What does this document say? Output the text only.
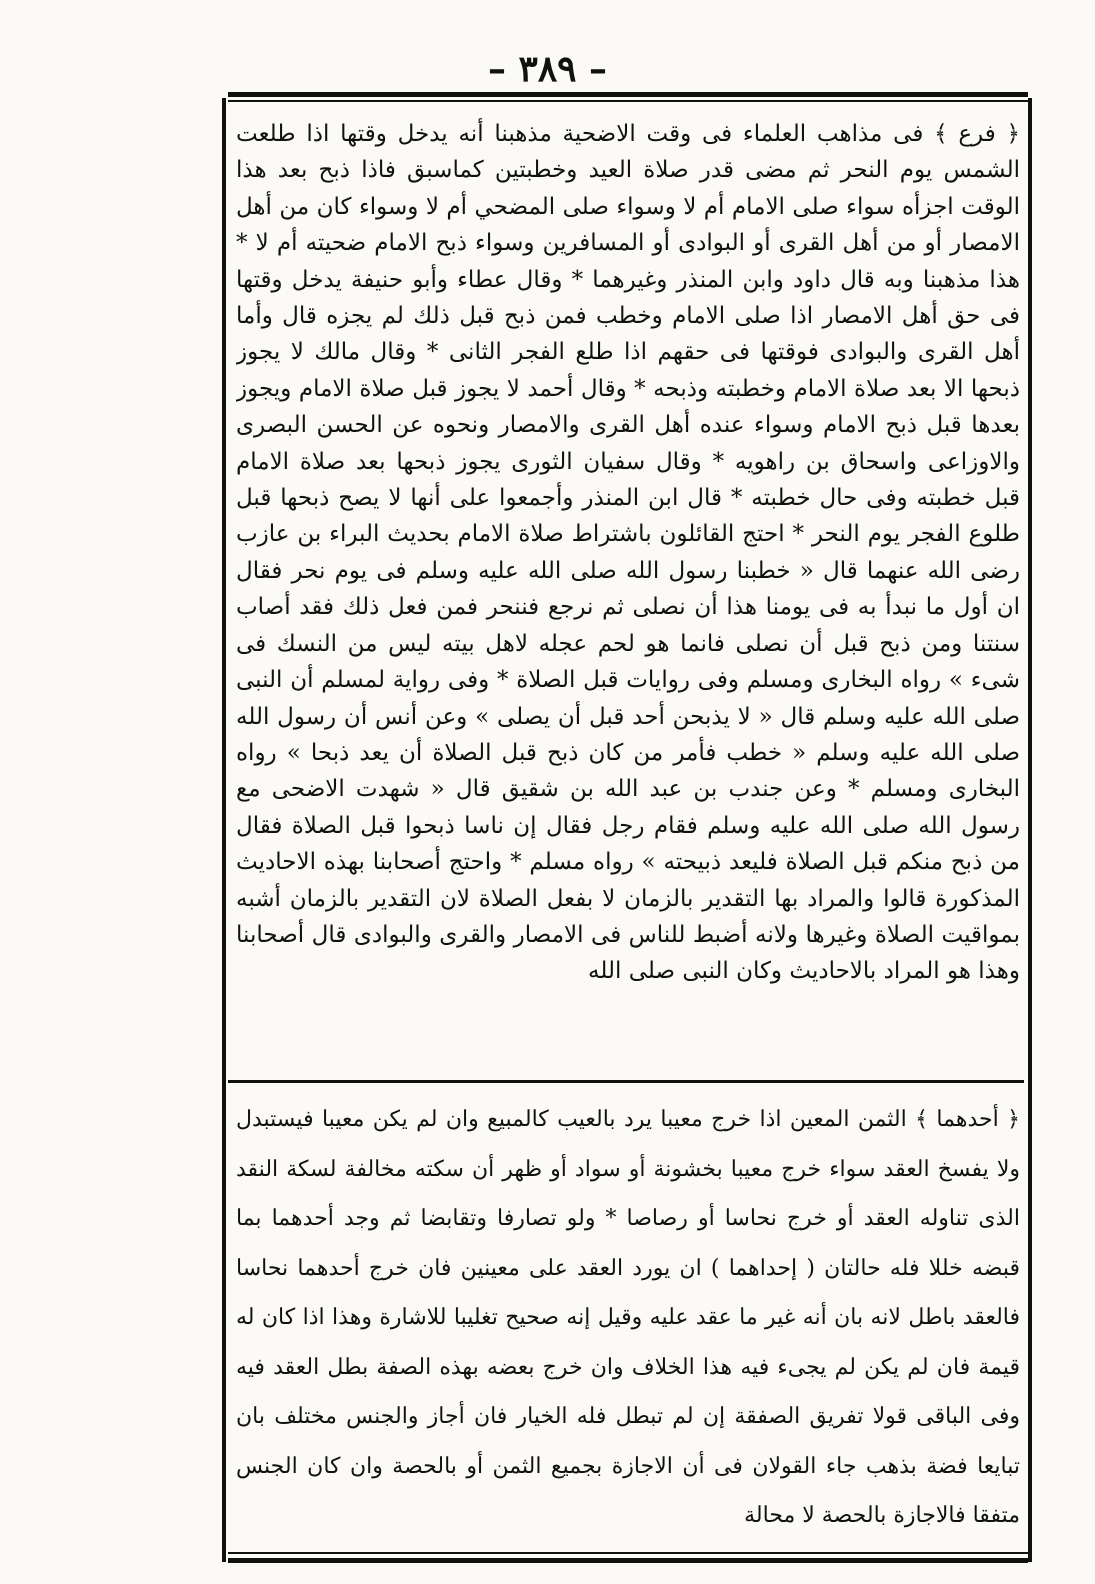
– ٣٨٩ –

﴿ فرع ﴾ فى مذاهب العلماء فى وقت الاضحية مذهبنا أنه يدخل وقتها اذا طلعت الشمس يوم النحر ثم مضى قدر صلاة العيد وخطبتين كماسبق فاذا ذبح بعد هذا الوقت اجزأه سواء صلى الامام أم لا وسواء صلى المضحي أم لا وسواء كان من أهل الامصار أو من أهل القرى أو البوادى أو المسافرين وسواء ذبح الامام ضحيته أم لا * هذا مذهبنا وبه قال داود وابن المنذر وغيرهما * وقال عطاء وأبو حنيفة يدخل وقتها فى حق أهل الامصار اذا صلى الامام وخطب فمن ذبح قبل ذلك لم يجزه قال وأما أهل القرى والبوادى فوقتها فى حقهم اذا طلع الفجر الثانى * وقال مالك لا يجوز ذبحها الا بعد صلاة الامام وخطبته وذبحه * وقال أحمد لا يجوز قبل صلاة الامام ويجوز بعدها قبل ذبح الامام وسواء عنده أهل القرى والامصار ونحوه عن الحسن البصرى والاوزاعى واسحاق بن راهويه * وقال سفيان الثورى يجوز ذبحها بعد صلاة الامام قبل خطبته وفى حال خطبته * قال ابن المنذر وأجمعوا على أنها لا يصح ذبحها قبل طلوع الفجر يوم النحر * احتج القائلون باشتراط صلاة الامام بحديث البراء بن عازب رضى الله عنهما قال « خطبنا رسول الله صلى الله عليه وسلم فى يوم نحر فقال ان أول ما نبدأ به فى يومنا هذا أن نصلى ثم نرجع فننحر فمن فعل ذلك فقد أصاب سنتنا ومن ذبح قبل أن نصلى فانما هو لحم عجله لاهل بيته ليس من النسك فى شىء » رواه البخارى ومسلم وفى روايات قبل الصلاة * وفى رواية لمسلم أن النبى صلى الله عليه وسلم قال « لا يذبحن أحد قبل أن يصلى » وعن أنس أن رسول الله صلى الله عليه وسلم « خطب فأمر من كان ذبح قبل الصلاة أن يعد ذبحا » رواه البخارى ومسلم * وعن جندب بن عبد الله بن شقيق قال « شهدت الاضحى مع رسول الله صلى الله عليه وسلم فقام رجل فقال إن ناسا ذبحوا قبل الصلاة فقال من ذبح منكم قبل الصلاة فليعد ذبيحته » رواه مسلم * واحتج أصحابنا بهذه الاحاديث المذكورة قالوا والمراد بها التقدير بالزمان لا بفعل الصلاة لان التقدير بالزمان أشبه بمواقيت الصلاة وغيرها ولانه أضبط للناس فى الامصار والقرى والبوادى قال أصحابنا وهذا هو المراد بالاحاديث وكان النبى صلى الله

﴿ أحدهما ﴾ الثمن المعين اذا خرج معيبا يرد بالعيب كالمبيع وان لم يكن معيبا فيستبدل ولا يفسخ العقد سواء خرج معيبا بخشونة أو سواد أو ظهر أن سكته مخالفة لسكة النقد الذى تناوله العقد أو خرج نحاسا أو رصاصا * ولو تصارفا وتقابضا ثم وجد أحدهما بما قبضه خللا فله حالتان ( إحداهما ) ان يورد العقد على معينين فان خرج أحدهما نحاسا فالعقد باطل لانه بان أنه غير ما عقد عليه وقيل إنه صحيح تغليبا للاشارة وهذا اذا كان له قيمة فان لم يكن لم يجىء فيه هذا الخلاف وان خرج بعضه بهذه الصفة بطل العقد فيه وفى الباقى قولا تفريق الصفقة إن لم تبطل فله الخيار فان أجاز والجنس مختلف بان تبايعا فضة بذهب جاء القولان فى أن الاجازة بجميع الثمن أو بالحصة وان كان الجنس متفقا فالاجازة بالحصة لا محالة
